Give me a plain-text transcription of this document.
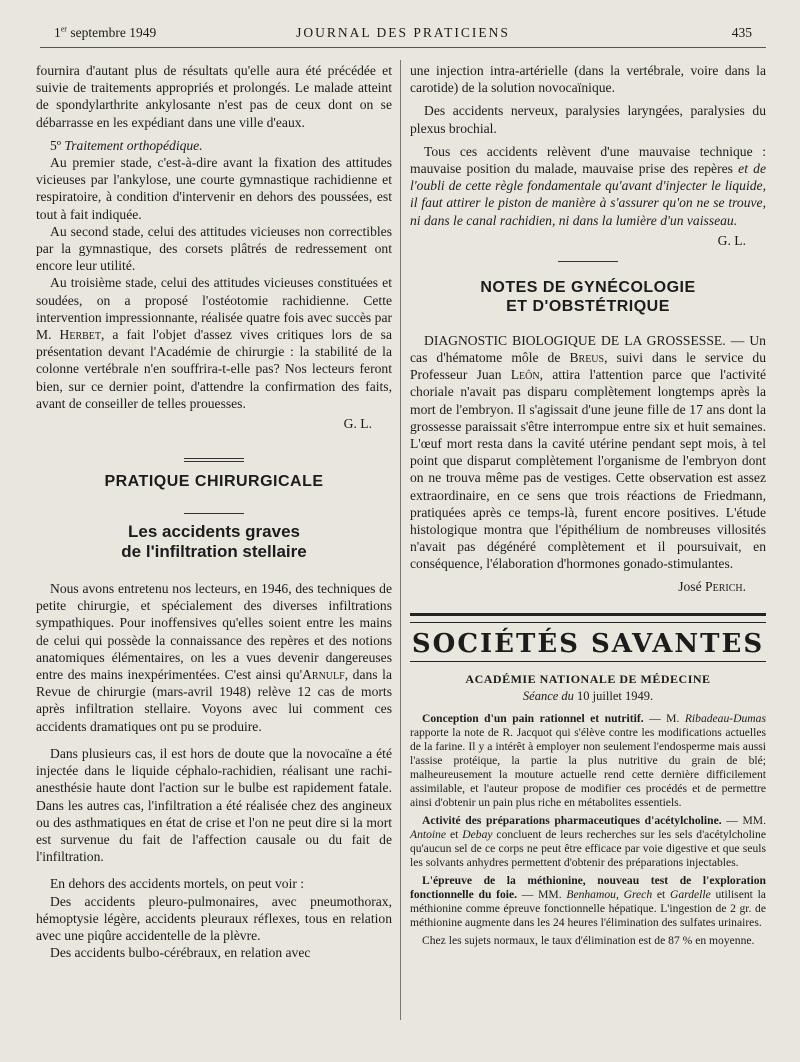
1er septembre 1949	JOURNAL DES PRATICIENS	435

fournira d'autant plus de résultats qu'elle aura été précédée et suivie de traitements appropriés et prolongés. Le malade atteint de spondylarthrite ankylosante n'est pas de ceux dont on se débarrasse en les expédiant dans une ville d'eaux.

5º Traitement orthopédique.

Au premier stade, c'est-à-dire avant la fixation des attitudes vicieuses par l'ankylose, une courte gymnastique rachidienne et respiratoire, à condition d'intervenir en dehors des poussées, est tout à fait indiquée.

Au second stade, celui des attitudes vicieuses non correctibles par la gymnastique, des corsets plâtrés de redressement ont encore leur utilité.

Au troisième stade, celui des attitudes vicieuses constituées et soudées, on a proposé l'ostéotomie rachidienne. Cette intervention impressionnante, réalisée quatre fois avec succès par M. Herbet, a fait l'objet d'assez vives critiques lors de sa présentation devant l'Académie de chirurgie : la stabilité de la colonne vertébrale n'en souffrira-t-elle pas? Nos lecteurs feront bien, sur ce dernier point, d'attendre la confirmation des faits, avant de conseiller de telles prouesses.

G. L.
PRATIQUE CHIRURGICALE
Les accidents graves
de l'infiltration stellaire

Nous avons entretenu nos lecteurs, en 1946, des techniques de petite chirurgie, et spécialement des diverses infiltrations sympathiques. Pour inoffensives qu'elles soient entre les mains de celui qui possède la connaissance des repères et des notions anatomiques élémentaires, on les a vues devenir dangereuses entre des mains inexpérimentées. C'est ainsi qu'Arnulf, dans la Revue de chirurgie (mars-avril 1948) relève 12 cas de morts après infiltration stellaire. Voyons avec lui comment ces accidents dramatiques ont pu se produire.

Dans plusieurs cas, il est hors de doute que la novocaïne a été injectée dans le liquide céphalo-rachidien, réalisant une rachi-anesthésie haute dont l'action sur le bulbe est rapidement fatale. Dans les autres cas, l'infiltration a été réalisée chez des angineux ou des asthmatiques en état de crise et l'on ne peut dire si la mort est survenue du fait de l'affection causale ou du fait de l'infiltration.

En dehors des accidents mortels, on peut voir :

Des accidents pleuro-pulmonaires, avec pneumothorax, hémoptysie légère, accidents pleuraux réflexes, tous en relation avec une piqûre accidentelle de la plèvre.

Des accidents bulbo-cérébraux, en relation avec

une injection intra-artérielle (dans la vertébrale, voire dans la carotide) de la solution novocaïnique.

Des accidents nerveux, paralysies laryngées, paralysies du plexus brochial.

Tous ces accidents relèvent d'une mauvaise technique : mauvaise position du malade, mauvaise prise des repères et de l'oubli de cette règle fondamentale qu'avant d'injecter le liquide, il faut attirer le piston de manière à s'assurer qu'on ne se trouve, ni dans le canal rachidien, ni dans la lumière d'un vaisseau.

G. L.
NOTES DE GYNÉCOLOGIE
ET D'OBSTÉTRIQUE

DIAGNOSTIC BIOLOGIQUE DE LA GROSSESSE. — Un cas d'hématome môle de Breus, suivi dans le service du Professeur Juan Leôn, attira l'attention parce que l'activité choriale n'avait pas disparu complètement longtemps après la mort de l'embryon. Il s'agissait d'une jeune fille de 17 ans dont la grossesse paraissait s'être interrompue entre six et huit semaines. L'œuf mort resta dans la cavité utérine pendant sept mois, à tel point que disparut complètement l'organisme de l'embryon dont on ne trouva même pas de vestiges. Cette observation est assez extraordinaire, en ce sens que trois réactions de Friedmann, pratiquées après ce temps-là, furent encore positives. L'étude histologique montra que l'épithélium de nombreuses villosités n'avait pas dégénéré complètement et il poursuivait, en conséquence, l'élaboration d'hormones gonado-stimulantes.

José Perich.
SOCIÉTÉS SAVANTES
ACADÉMIE NATIONALE DE MÉDECINE
Séance du 10 juillet 1949.

Conception d'un pain rationnel et nutritif. — M. Ribadeau-Dumas rapporte la note de R. Jacquot qui s'élève contre les modifications actuelles de la farine. Il y a intérêt à employer non seulement l'endosperme mais aussi l'assise protéique, la partie la plus nutritive du grain de blé; malheureusement la mouture actuelle rend cette dernière difficilement assimilable, et l'auteur propose de modifier ces procédés et de permettre ainsi d'obtenir un pain plus riche en métabolites essentiels.

Activité des préparations pharmaceutiques d'acétylcholine. — MM. Antoine et Debay concluent de leurs recherches sur les sels d'acétylcholine qu'aucun sel de ce corps ne peut être efficace par voie digestive et que seuls les solvants anhydres permettent d'obtenir des préparations injectables.

L'épreuve de la méthionine, nouveau test de l'exploration fonctionnelle du foie. — MM. Benhamou, Grech et Gardelle utilisent la méthionine comme épreuve fonctionnelle hépatique. L'ingestion de 2 gr. de méthionine augmente dans les 24 heures l'élimination des sulfates urinaires.

Chez les sujets normaux, le taux d'élimination est de 87 % en moyenne.
